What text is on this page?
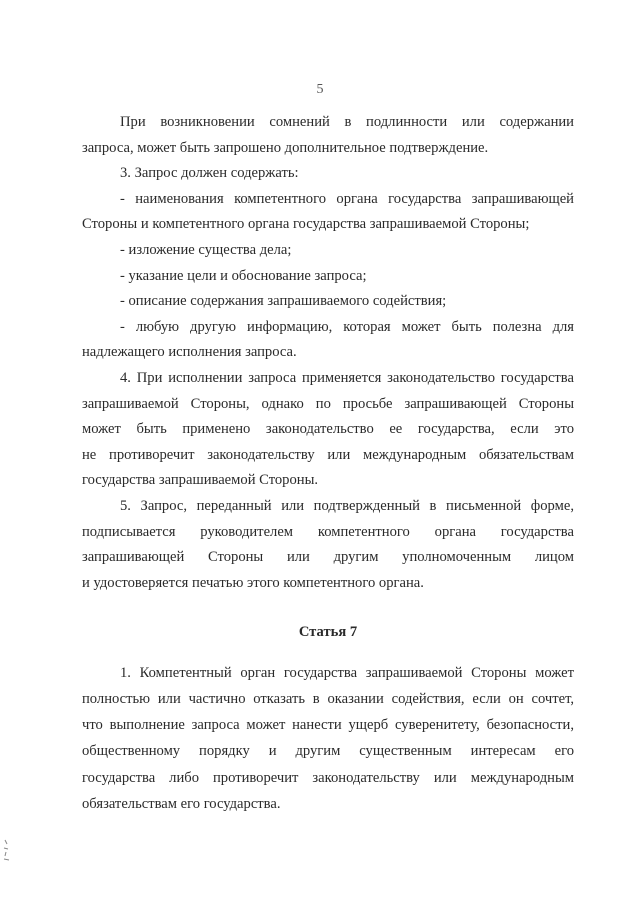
5
При возникновении сомнений в подлинности или содержании
запроса, может быть запрошено дополнительное подтверждение.
3. Запрос должен содержать:
- наименования компетентного органа государства запрашивающей
Стороны и компетентного органа государства запрашиваемой Стороны;
- изложение существа дела;
- указание цели и обоснование запроса;
- описание содержания запрашиваемого содействия;
- любую другую информацию, которая может быть полезна для
надлежащего исполнения запроса.
4. При исполнении запроса применяется законодательство государства
запрашиваемой Стороны, однако по просьбе запрашивающей Стороны
может быть применено законодательство ее государства, если это
не противоречит законодательству или международным обязательствам
государства запрашиваемой Стороны.
5. Запрос, переданный или подтвержденный в письменной форме,
подписывается руководителем компетентного органа государства
запрашивающей Стороны или другим уполномоченным лицом
и удостоверяется печатью этого компетентного органа.
Статья 7
1. Компетентный орган государства запрашиваемой Стороны может
полностью или частично отказать в оказании содействия, если он сочтет,
что выполнение запроса может нанести ущерб суверенитету, безопасности,
общественному порядку и другим существенным интересам его
государства либо противоречит законодательству или международным
обязательствам его государства.
